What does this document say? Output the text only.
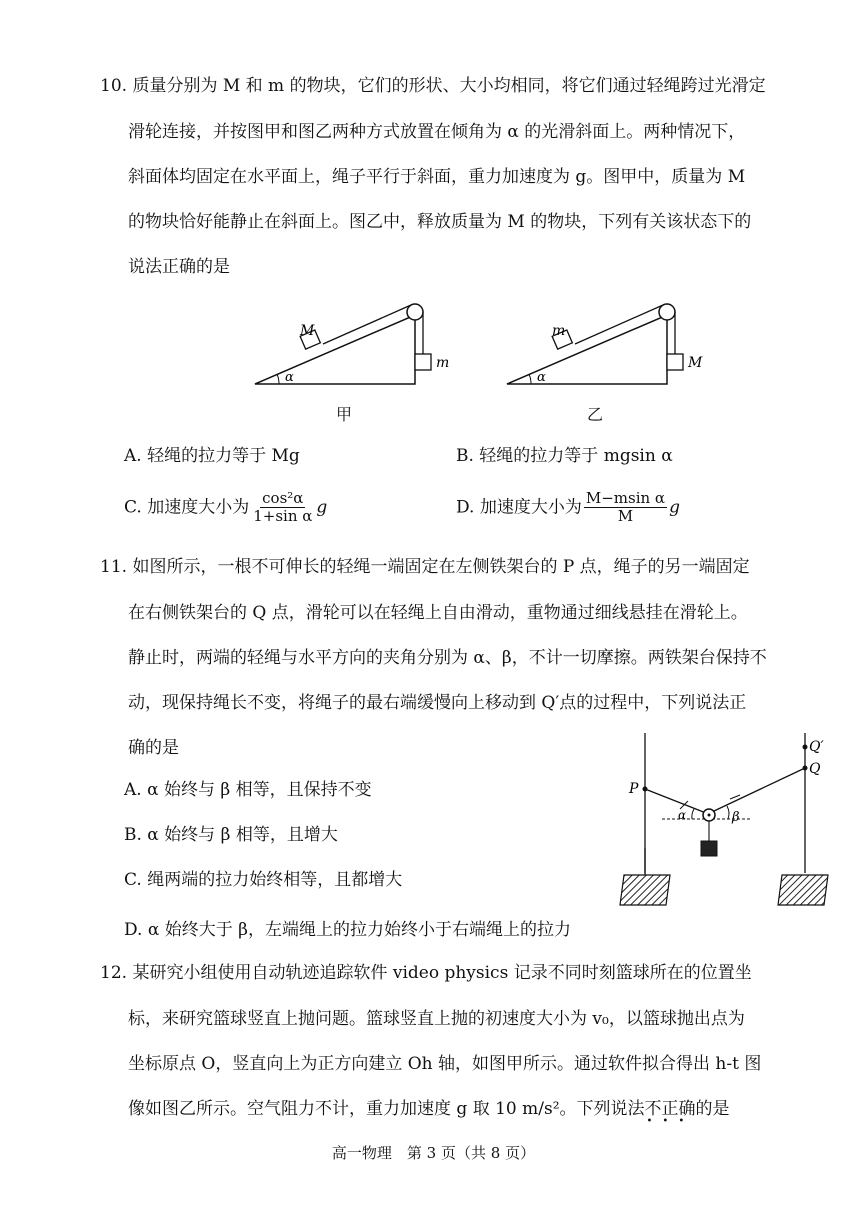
10. 质量分别为 M 和 m 的物块，它们的形状、大小均相同，将它们通过轻绳跨过光滑定
滑轮连接，并按图甲和图乙两种方式放置在倾角为 α 的光滑斜面上。两种情况下，
斜面体均固定在水平面上，绳子平行于斜面，重力加速度为 g。图甲中，质量为 M
的物块恰好能静止在斜面上。图乙中，释放质量为 M 的物块，下列有关该状态下的
说法正确的是
M
m
α
甲
m
M
α
乙
A. 轻绳的拉力等于 Mg	B. 轻绳的拉力等于 mgsin α
C. 加速度大小为 $\frac{\text{cos²α}}{\text{1+sin α}}$ g	D. 加速度大小为 $\frac{\text{M−msin α}}{M}$ g
11. 如图所示，一根不可伸长的轻绳一端固定在左侧铁架台的 P 点，绳子的另一端固定
在右侧铁架台的 Q 点，滑轮可以在轻绳上自由滑动，重物通过细线悬挂在滑轮上。
静止时，两端的轻绳与水平方向的夹角分别为 α、β，不计一切摩擦。两铁架台保持不
动，现保持绳长不变，将绳子的最右端缓慢向上移动到 Q′点的过程中，下列说法正
确的是
A. α 始终与 β 相等，且保持不变
B. α 始终与 β 相等，且增大
C. 绳两端的拉力始终相等，且都增大
D. α 始终大于 β，左端绳上的拉力始终小于右端绳上的拉力
P
Q
Q′
α	β
12. 某研究小组使用自动轨迹追踪软件 video physics 记录不同时刻篮球所在的位置坐
标，来研究篮球竖直上抛问题。篮球竖直上抛的初速度大小为 v₀，以篮球抛出点为
坐标原点 O，竖直向上为正方向建立 Oh 轴，如图甲所示。通过软件拟合得出 h-t 图
像如图乙所示。空气阻力不计，重力加速度 g 取 10 m/s²。下列说法不正确
•••
的是
高一物理　第 3 页（共 8 页）
